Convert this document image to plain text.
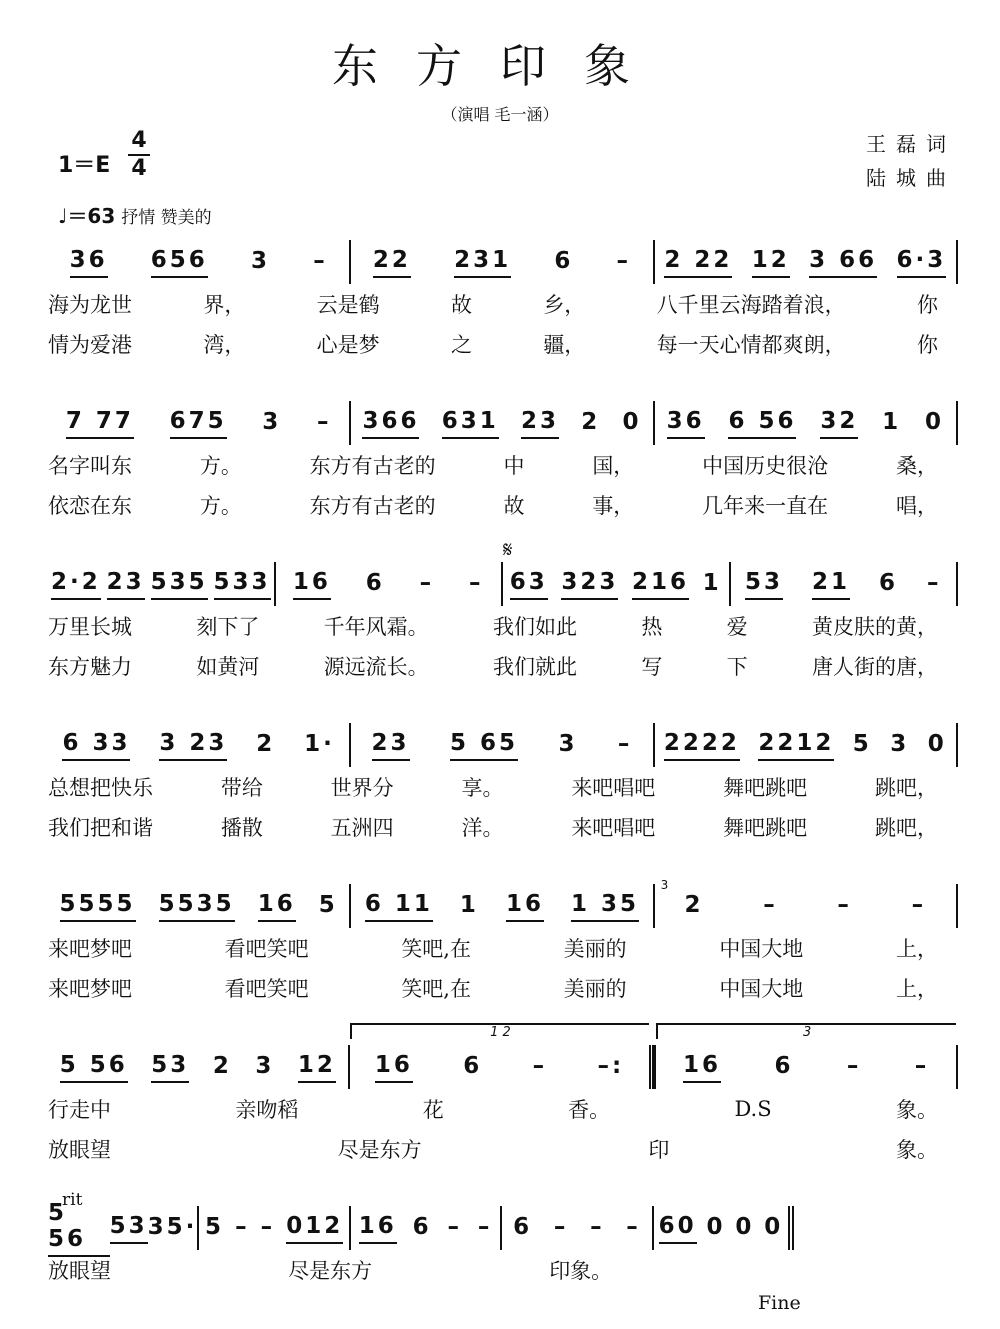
东方印象
（演唱 毛一涵）
王磊词
陆城曲
1＝E
4
4
♩＝63 抒情 赞美的
36 656 3 – 22 231 6 – 2 22 12 3 66 6·3
海为龙世	界，	云是鹤	故	乡，	八千里云海踏着浪，	你
情为爱港	湾，	心是梦	之	疆，	每一天心情都爽朗，	你
7 77 675 3 – 366 631 23 2 0 36 6 56 32 1 0
名字叫东	方。	东方有古老的	中	国，	中国历史很沧	桑，
依恋在东	方。	东方有古老的	故	事，	几年来一直在	唱，
2·2 23 535 533 16 6 – – 63 323 216 1
𝄋
53 21 6 –
万里长城	刻下了	千年风霜。	我们如此	热	爱	黄皮肤的黄，
东方魅力	如黄河	源远流长。	我们就此	写	下	唐人街的唐，
6 33 3 23 2 1· 23 5 65 3 – 2222 2212 5 3 0
总想把快乐	带给	世界分	享。	来吧唱吧	舞吧跳吧	跳吧，
我们把和谐	播散	五洲四	洋。	来吧唱吧	舞吧跳吧	跳吧，
5555 5535 16 5 6 11 1 16 1 35 2	–	–	–
3
来吧梦吧	看吧笑吧	笑吧,在	美丽的	中国大地	上，
来吧梦吧	看吧笑吧	笑吧,在	美丽的	中国大地	上，
5 56 53 2 3 12 16 6 – –:
1 2
16 6 – –
3
行走中	亲吻稻	花	香。	D.S	象。
放眼望	尽是东方	印	象。
5 56	53 3 5· 5 – – 012 16 6 – – 6 – – – 60 0 0 0
rit
Fine
放眼望	尽是东方	印象。
